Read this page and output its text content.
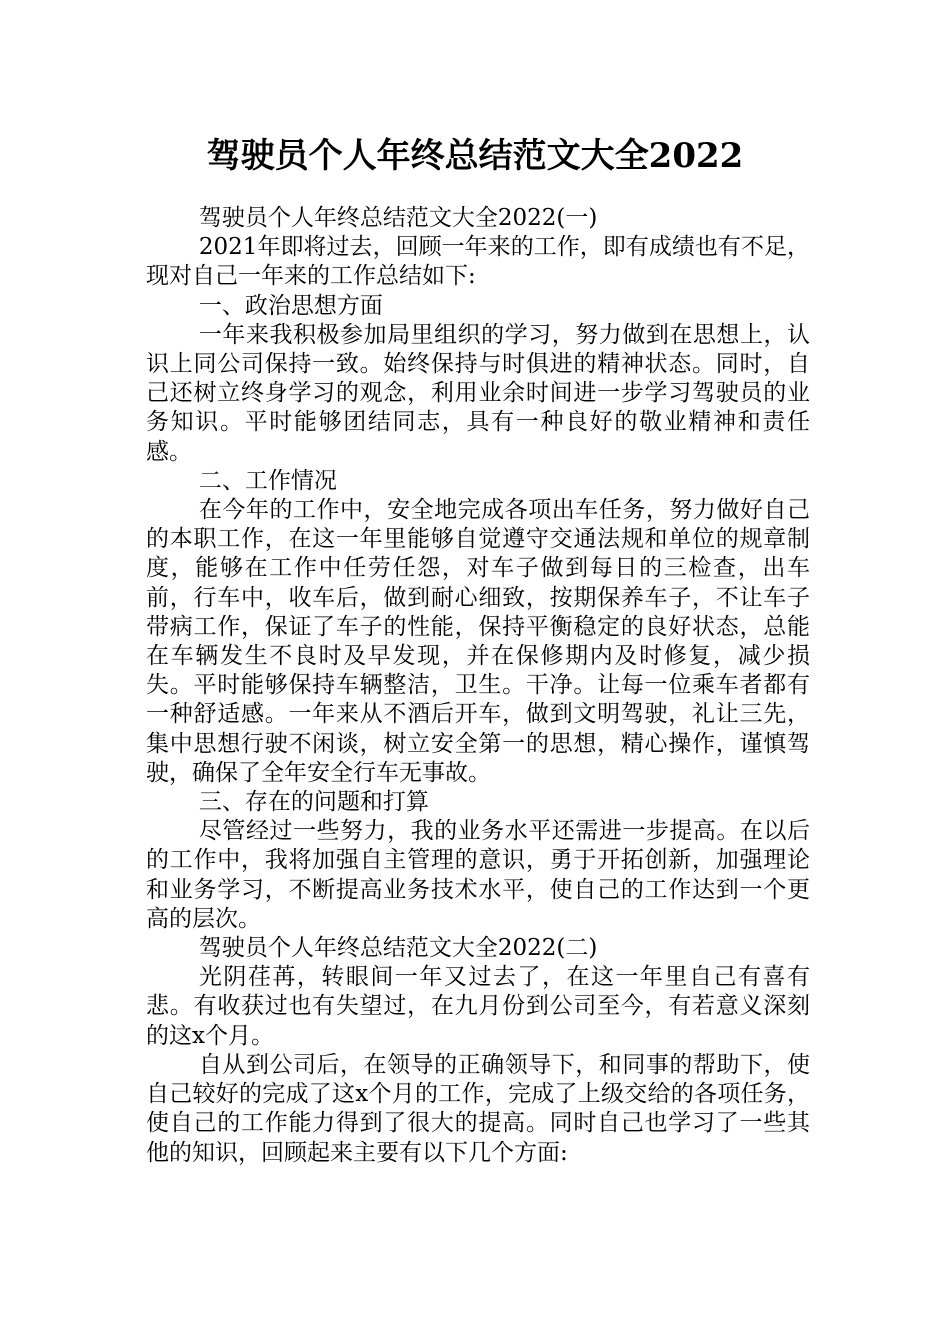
驾驶员个人年终总结范文大全2022

驾驶员个人年终总结范文大全2022(一)

2021年即将过去，回顾一年来的工作，即有成绩也有不足，现对自己一年来的工作总结如下:

一、政治思想方面

一年来我积极参加局里组织的学习，努力做到在思想上，认识上同公司保持一致。始终保持与时俱进的精神状态。同时，自己还树立终身学习的观念，利用业余时间进一步学习驾驶员的业务知识。平时能够团结同志，具有一种良好的敬业精神和责任感。

二、工作情况

在今年的工作中，安全地完成各项出车任务，努力做好自己的本职工作，在这一年里能够自觉遵守交通法规和单位的规章制度，能够在工作中任劳任怨，对车子做到每日的三检查，出车前，行车中，收车后，做到耐心细致，按期保养车子，不让车子带病工作，保证了车子的性能，保持平衡稳定的良好状态，总能在车辆发生不良时及早发现，并在保修期内及时修复，减少损失。平时能够保持车辆整洁，卫生。干净。让每一位乘车者都有一种舒适感。一年来从不酒后开车，做到文明驾驶，礼让三先，集中思想行驶不闲谈，树立安全第一的思想，精心操作，谨慎驾驶，确保了全年安全行车无事故。

三、存在的问题和打算

尽管经过一些努力，我的业务水平还需进一步提高。在以后的工作中，我将加强自主管理的意识，勇于开拓创新，加强理论和业务学习，不断提高业务技术水平，使自己的工作达到一个更高的层次。

驾驶员个人年终总结范文大全2022(二)

光阴荏苒，转眼间一年又过去了，在这一年里自己有喜有悲。有收获过也有失望过，在九月份到公司至今，有若意义深刻的这x个月。

自从到公司后，在领导的正确领导下，和同事的帮助下，使自己较好的完成了这x个月的工作，完成了上级交给的各项任务，使自己的工作能力得到了很大的提高。同时自己也学习了一些其他的知识，回顾起来主要有以下几个方面:
